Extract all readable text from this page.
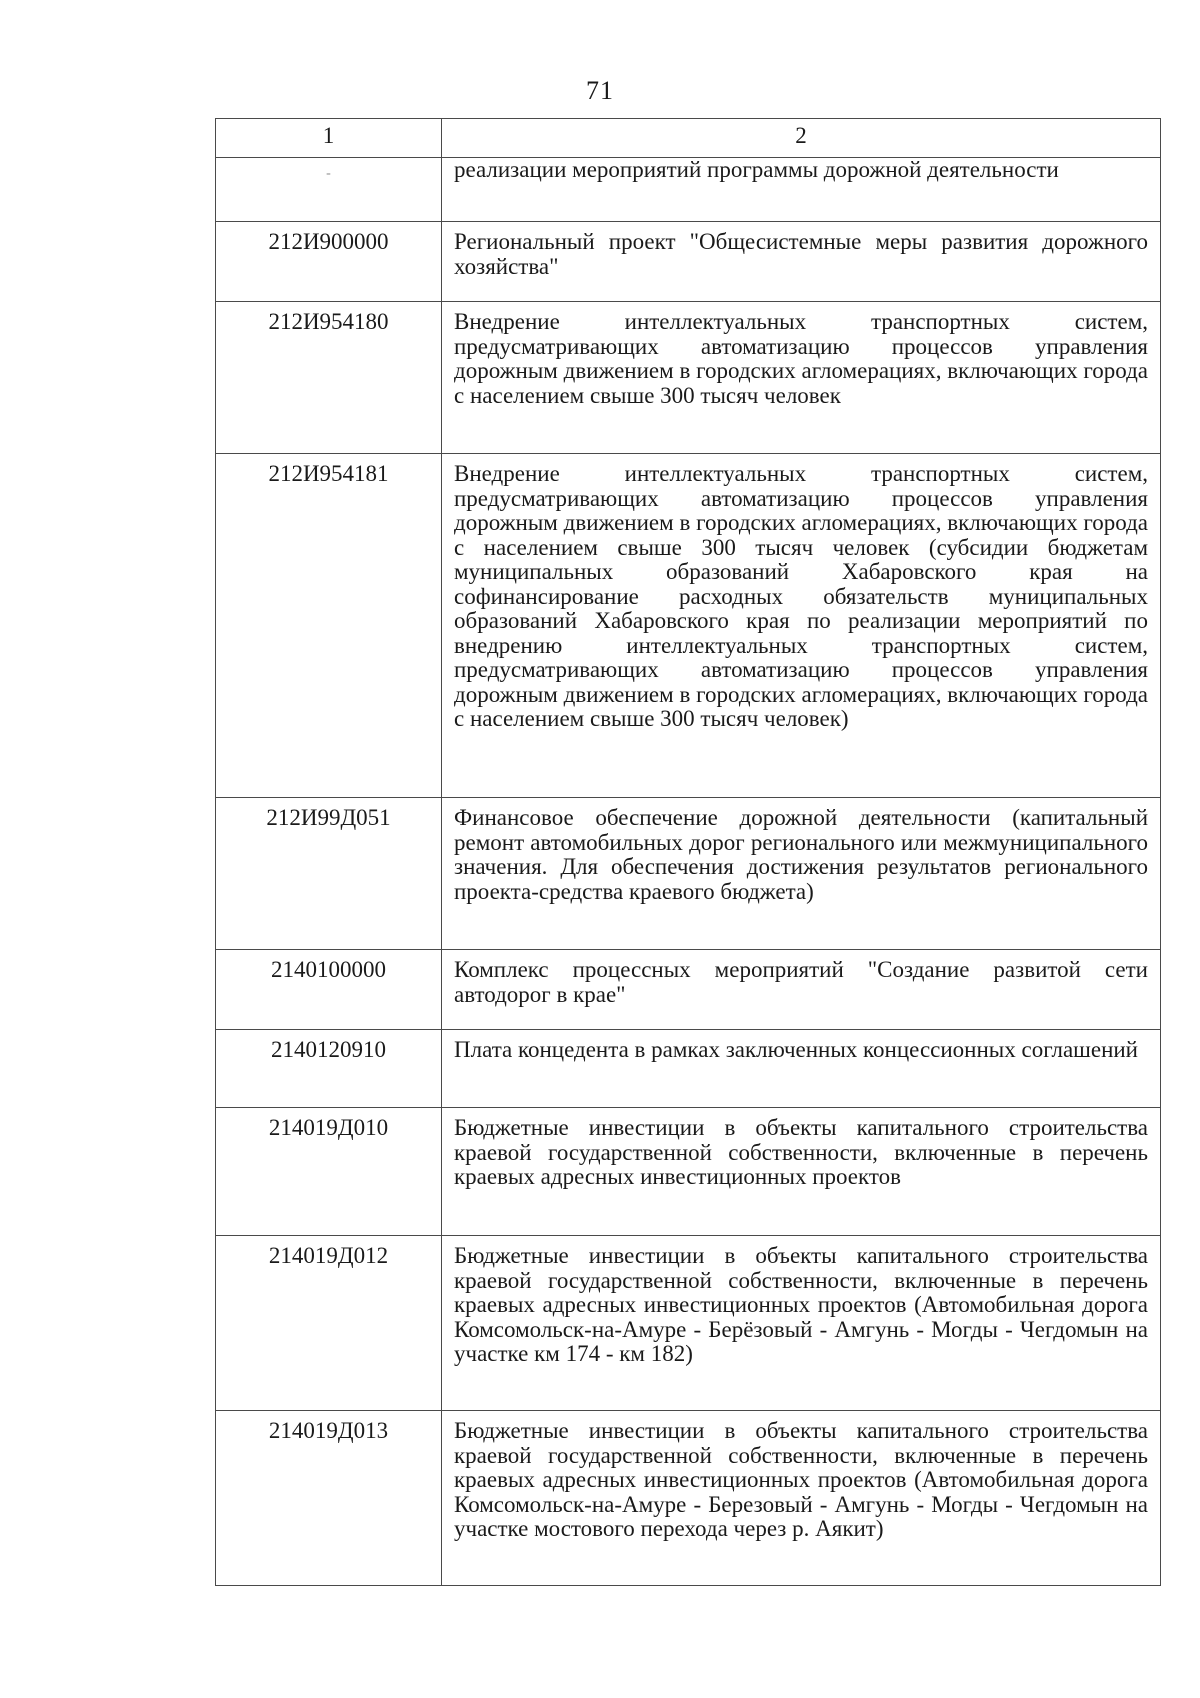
71
1	2
-	реализации мероприятий программы дорожной деятельности
212И900000	Региональный проект "Общесистемные меры развития дорожного хозяйства"
212И954180	Внедрение интеллектуальных транспортных систем, предусматривающих автоматизацию процессов управления дорожным движением в городских агломерациях, включающих города с населением свыше 300 тысяч человек
212И954181	Внедрение интеллектуальных транспортных систем, предусматривающих автоматизацию процессов управления дорожным движением в городских агломерациях, включающих города с населением свыше 300 тысяч человек (субсидии бюджетам муниципальных образований Хабаровского края на софинансирование расходных обязательств муниципальных образований Хабаровского края по реализации мероприятий по внедрению интеллектуальных транспортных систем, предусматривающих автоматизацию процессов управления дорожным движением в городских агломерациях, включающих города с населением свыше 300 тысяч человек)
212И99Д051	Финансовое обеспечение дорожной деятельности (капитальный ремонт автомобильных дорог регионального или межмуниципального значения. Для обеспечения достижения результатов регионального проекта-средства краевого бюджета)
2140100000	Комплекс процессных мероприятий "Создание развитой сети автодорог в крае"
2140120910	Плата концедента в рамках заключенных концессионных соглашений
214019Д010	Бюджетные инвестиции в объекты капитального строительства краевой государственной собственности, включенные в перечень краевых адресных инвестиционных проектов
214019Д012	Бюджетные инвестиции в объекты капитального строительства краевой государственной собственности, включенные в перечень краевых адресных инвестиционных проектов (Автомобильная дорога Комсомольск-на-Амуре - Берёзовый - Амгунь - Могды - Чегдомын на участке км 174 - км 182)
214019Д013	Бюджетные инвестиции в объекты капитального строительства краевой государственной собственности, включенные в перечень краевых адресных инвестиционных проектов (Автомобильная дорога Комсомольск-на-Амуре - Березовый - Амгунь - Могды - Чегдомын на участке мостового перехода через р. Аякит)
